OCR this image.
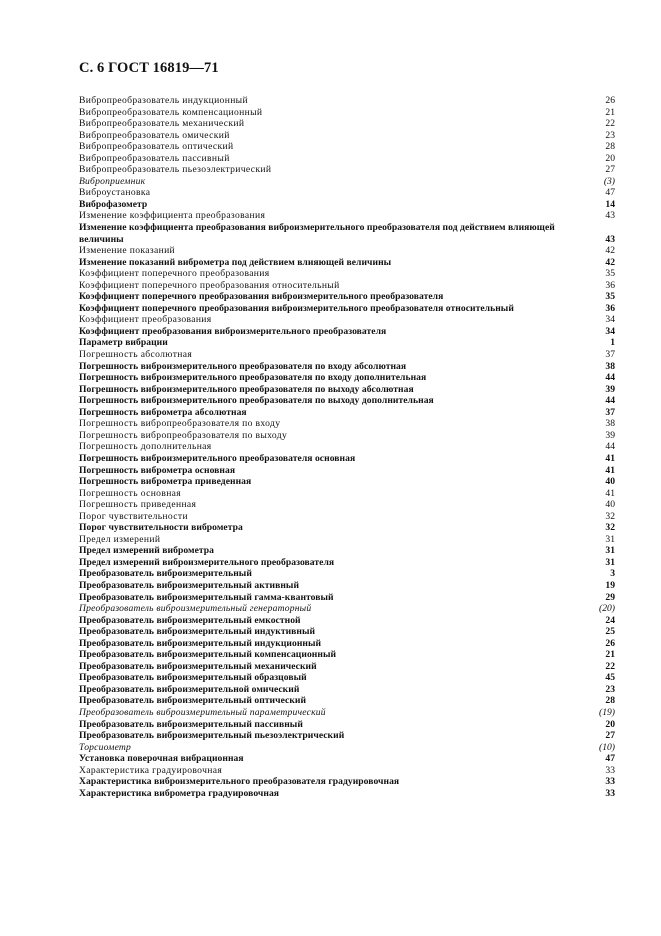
С. 6 ГОСТ 16819—71
Вибропреобразователь индукционный	26
Вибропреобразователь компенсационный	21
Вибропреобразователь механический	22
Вибропреобразователь омический	23
Вибропреобразователь оптический	28
Вибропреобразователь пассивный	20
Вибропреобразователь пьезоэлектрический	27
Виброприемник	(3)
Виброустановка	47
Виброфазометр	14
Изменение коэффициента преобразования	43
Изменение коэффициента преобразования виброизмерительного преобразователя под действием влияющей
величины	43
Изменение показаний	42
Изменение показаний виброметра под действием влияющей величины	42
Коэффициент поперечного преобразования	35
Коэффициент поперечного преобразования относительный	36
Коэффициент поперечного преобразования виброизмерительного преобразователя	35
Коэффициент поперечного преобразования виброизмерительного преобразователя относительный	36
Коэффициент преобразования	34
Коэффициент преобразования виброизмерительного преобразователя	34
Параметр вибрации	1
Погрешность абсолютная	37
Погрешность виброизмерительного преобразователя по входу абсолютная	38
Погрешность виброизмерительного преобразователя по входу дополнительная	44
Погрешность виброизмерительного преобразователя по выходу абсолютная	39
Погрешность виброизмерительного преобразователя по выходу дополнительная	44
Погрешность виброметра абсолютная	37
Погрешность вибропреобразователя по входу	38
Погрешность вибропреобразователя по выходу	39
Погрешность дополнительная	44
Погрешность виброизмерительного преобразователя основная	41
Погрешность виброметра основная	41
Погрешность виброметра приведенная	40
Погрешность основная	41
Погрешность приведенная	40
Порог чувствительности	32
Порог чувствительности виброметра	32
Предел измерений	31
Предел измерений виброметра	31
Предел измерений виброизмерительного преобразователя	31
Преобразователь виброизмерительный	3
Преобразователь виброизмерительный активный	19
Преобразователь виброизмерительный гамма-квантовый	29
Преобразователь виброизмерительный генераторный	(20)
Преобразователь виброизмерительный емкостной	24
Преобразователь виброизмерительный индуктивный	25
Преобразователь виброизмерительный индукционный	26
Преобразователь виброизмерительный компенсационный	21
Преобразователь виброизмерительный механический	22
Преобразователь виброизмерительный образцовый	45
Преобразователь виброизмерительной омический	23
Преобразователь виброизмерительный оптический	28
Преобразователь виброизмерительный параметрический	(19)
Преобразователь виброизмерительный пассивный	20
Преобразователь виброизмерительный пьезоэлектрический	27
Торсиометр	(10)
Установка поверочная вибрационная	47
Характеристика градуировочная	33
Характеристика виброизмерительного преобразователя градуировочная	33
Характеристика виброметра градуировочная	33
